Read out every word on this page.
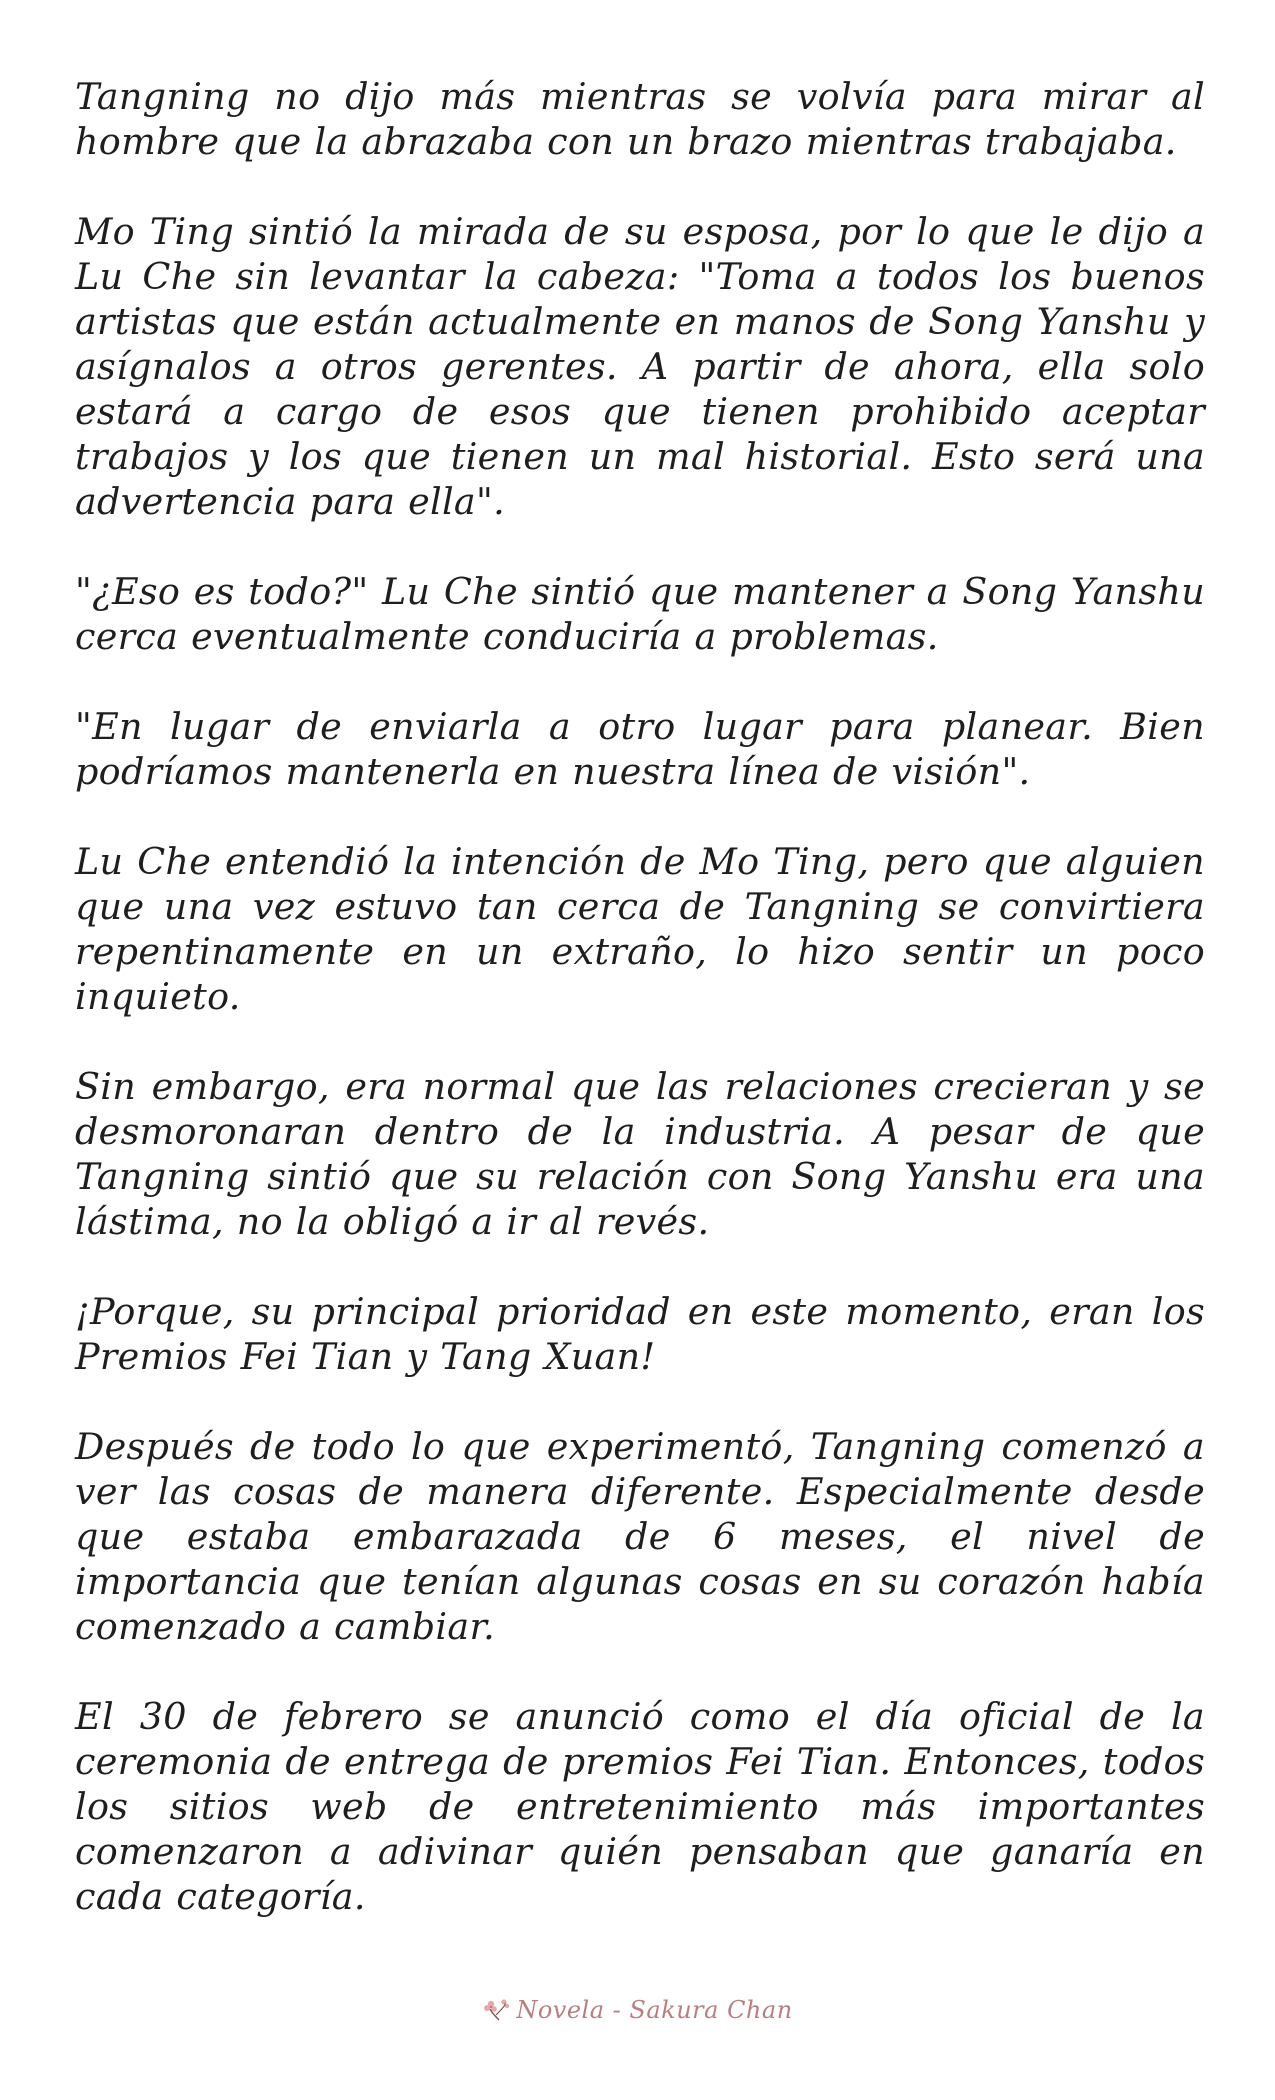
Tangning no dijo más mientras se volvía para mirar al hombre que la abrazaba con un brazo mientras trabajaba.

Mo Ting sintió la mirada de su esposa, por lo que le dijo a Lu Che sin levantar la cabeza: "Toma a todos los buenos artistas que están actualmente en manos de Song Yanshu y asígnalos a otros gerentes. A partir de ahora, ella solo estará a cargo de esos que tienen prohibido aceptar trabajos y los que tienen un mal historial. Esto será una advertencia para ella".

"¿Eso es todo?" Lu Che sintió que mantener a Song Yanshu cerca eventualmente conduciría a problemas.

"En lugar de enviarla a otro lugar para planear. Bien podríamos mantenerla en nuestra línea de visión".

Lu Che entendió la intención de Mo Ting, pero que alguien que una vez estuvo tan cerca de Tangning se convirtiera repentinamente en un extraño, lo hizo sentir un poco inquieto.

Sin embargo, era normal que las relaciones crecieran y se desmoronaran dentro de la industria. A pesar de que Tangning sintió que su relación con Song Yanshu era una lástima, no la obligó a ir al revés.

¡Porque, su principal prioridad en este momento, eran los Premios Fei Tian y Tang Xuan!

Después de todo lo que experimentó, Tangning comenzó a ver las cosas de manera diferente. Especialmente desde que estaba embarazada de 6 meses, el nivel de importancia que tenían algunas cosas en su corazón había comenzado a cambiar.

El 30 de febrero se anunció como el día oficial de la ceremonia de entrega de premios Fei Tian. Entonces, todos los sitios web de entretenimiento más importantes comenzaron a adivinar quién pensaban que ganaría en cada categoría.

Novela - Sakura Chan
